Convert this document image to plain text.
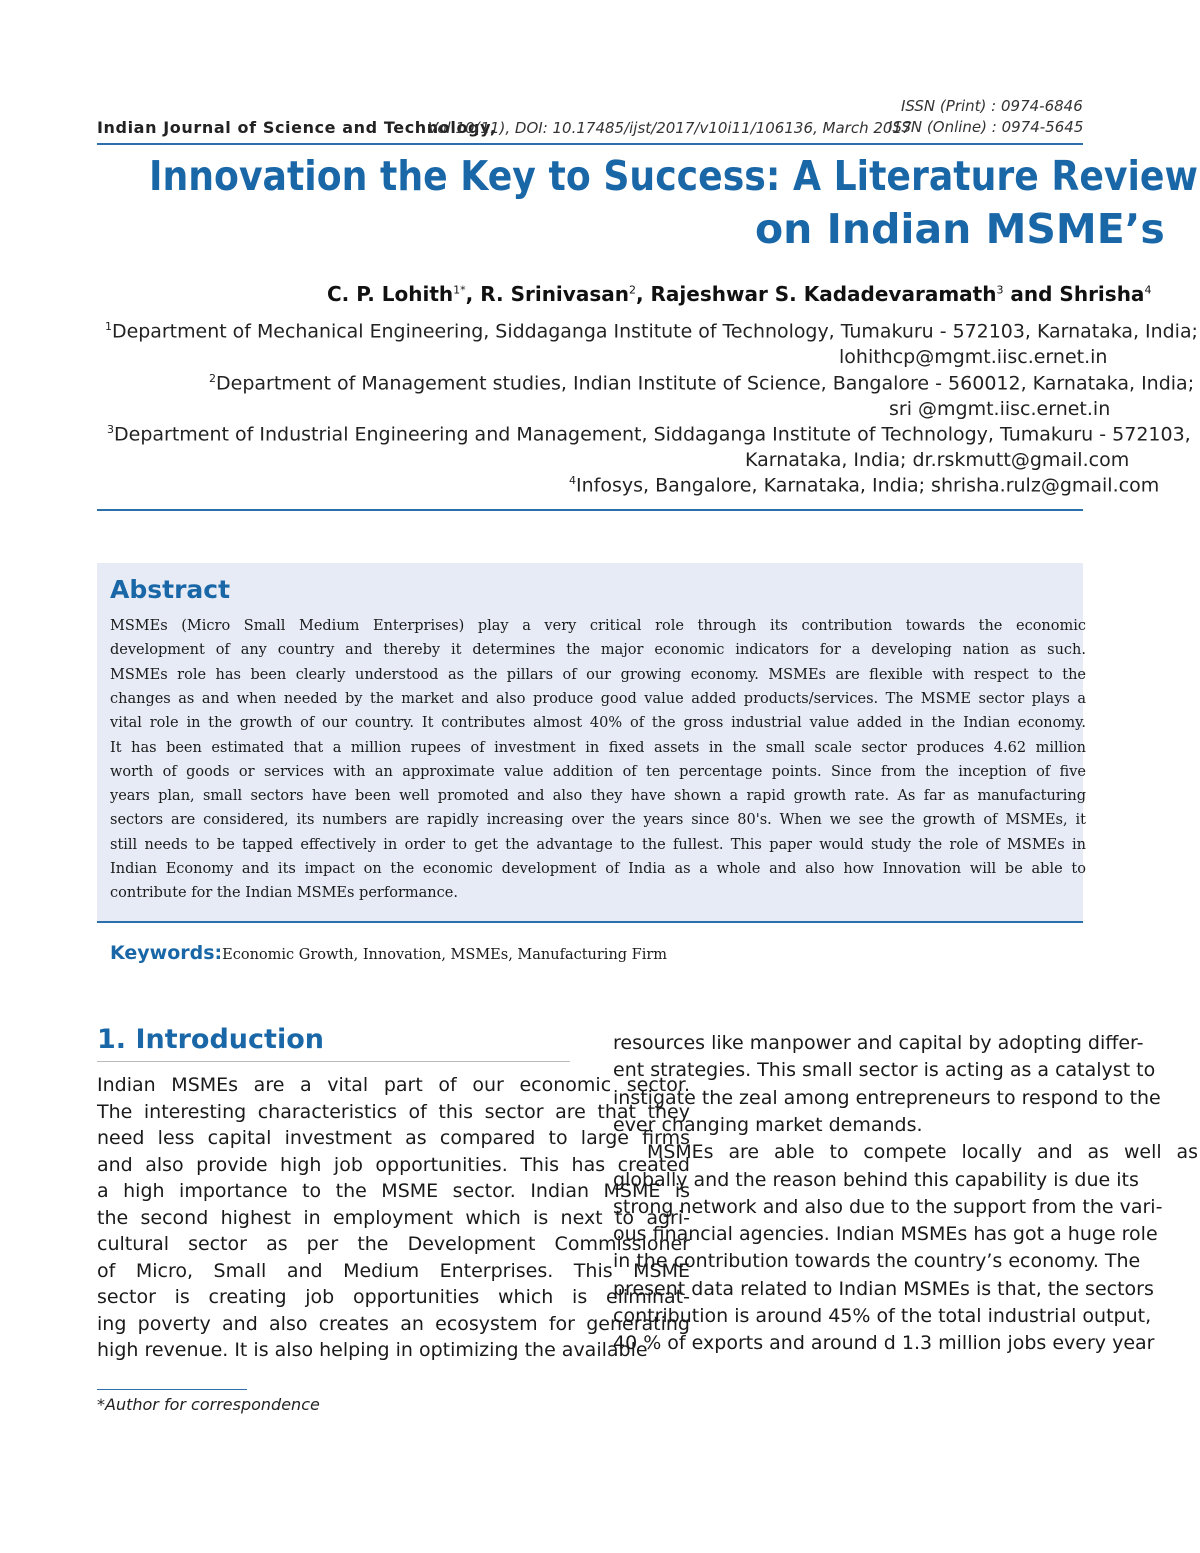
ISSN (Print) : 0974-6846
Indian Journal of Science and Technology,
Vol 10(11), DOI: 10.17485/ijst/2017/v10i11/106136, March 2017
ISSN (Online) : 0974-5645
Innovation the Key to Success: A Literature Review
on Indian MSME’s
C. P. Lohith$^{1*}$, R. Srinivasan$^2$, Rajeshwar S. Kadadevaramath$^3$ and Shrisha$^4$
$^1$Department of Mechanical Engineering, Siddaganga Institute of Technology, Tumakuru - 572103, Karnataka, India;
lohithcp@mgmt.iisc.ernet.in
$^2$Department of Management studies, Indian Institute of Science, Bangalore - 560012, Karnataka, India;
sri @mgmt.iisc.ernet.in
$^3$Department of Industrial Engineering and Management, Siddaganga Institute of Technology, Tumakuru - 572103,
Karnataka, India; dr.rskmutt@gmail.com
$^4$Infosys, Bangalore, Karnataka, India; shrisha.rulz@gmail.com
Abstract
MSMEs (Micro Small Medium Enterprises) play a very critical role through its contribution towards the economic
development of any country and thereby it determines the major economic indicators for a developing nation as such.
MSMEs role has been clearly understood as the pillars of our growing economy. MSMEs are flexible with respect to the
changes as and when needed by the market and also produce good value added products/services. The MSME sector plays a
vital role in the growth of our country. It contributes almost 40% of the gross industrial value added in the Indian economy.
It has been estimated that a million rupees of investment in fixed assets in the small scale sector produces 4.62 million
worth of goods or services with an approximate value addition of ten percentage points. Since from the inception of five
years plan, small sectors have been well promoted and also they have shown a rapid growth rate. As far as manufacturing
sectors are considered, its numbers are rapidly increasing over the years since 80's. When we see the growth of MSMEs, it
still needs to be tapped effectively in order to get the advantage to the fullest. This paper would study the role of MSMEs in
Indian Economy and its impact on the economic development of India as a whole and also how Innovation will be able to
contribute for the Indian MSMEs performance.
Keywords:Economic Growth, Innovation, MSMEs, Manufacturing Firm
1. Introduction
Indian MSMEs are a vital part of our economic sector.
The interesting characteristics of this sector are that they
need less capital investment as compared to large firms
and also provide high job opportunities. This has created
a high importance to the MSME sector. Indian MSME is
the second highest in employment which is next to agri-
cultural sector as per the Development Commissioner
of Micro, Small and Medium Enterprises. This MSME
sector is creating job opportunities which is eliminat-
ing poverty and also creates an ecosystem for generating
high revenue. It is also helping in optimizing the available
resources like manpower and capital by adopting differ-
ent strategies. This small sector is acting as a catalyst to
instigate the zeal among entrepreneurs to respond to the
ever changing market demands.
MSMEs are able to compete locally and as well as
globally and the reason behind this capability is due its
strong network and also due to the support from the vari-
ous financial agencies. Indian MSMEs has got a huge role
in the contribution towards the country’s economy. The
present data related to Indian MSMEs is that, the sectors
contribution is around 45% of the total industrial output,
40 % of exports and around d 1.3 million jobs every year
*Author for correspondence
